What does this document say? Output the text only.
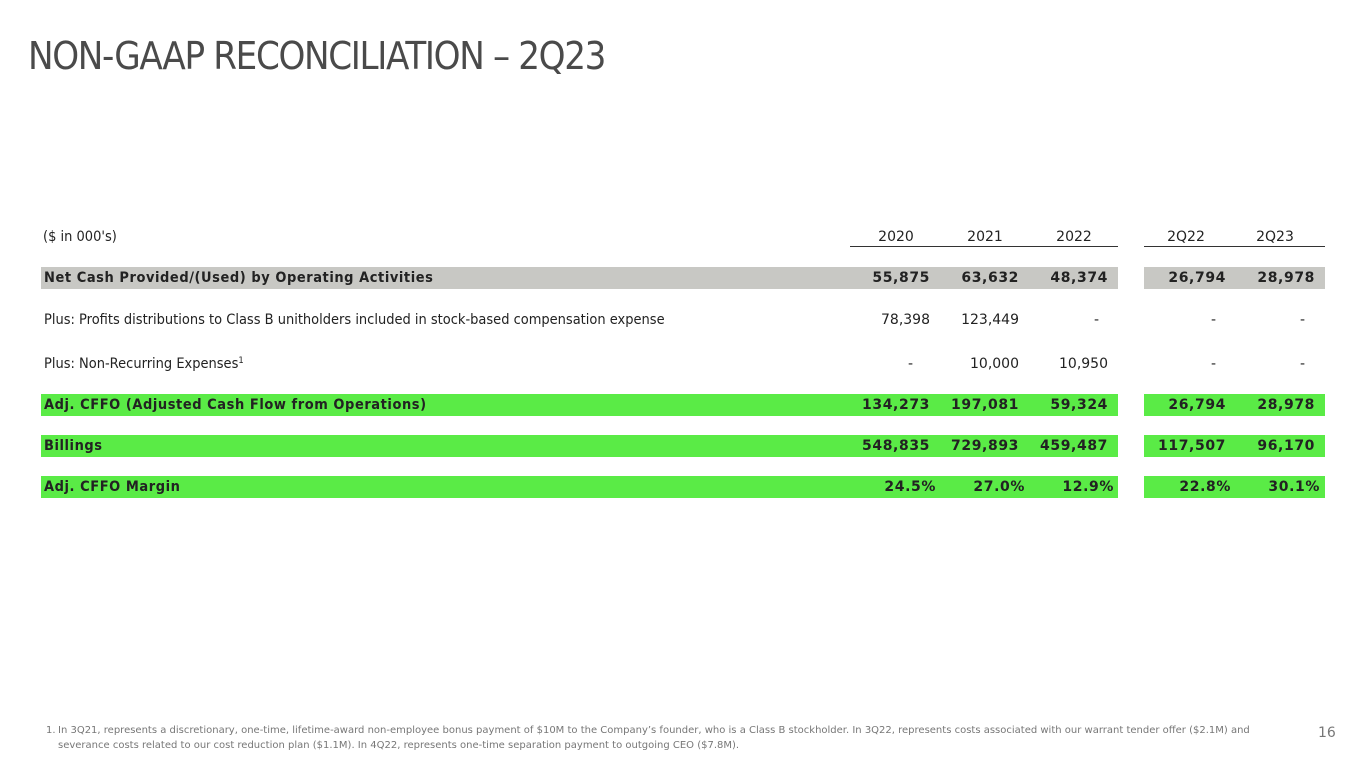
NON-GAAP RECONCILIATION – 2Q23
($ in 000's)	2020	2021	2022	2Q22	2Q23
Net Cash Provided/(Used) by Operating Activities	55,875	63,632	48,374	26,794	28,978
Plus: Profits distributions to Class B unitholders included in stock-based compensation expense	78,398	123,449	-	-	-
Plus: Non-Recurring Expenses$^1$	-	10,000	10,950	-	-
Adj. CFFO (Adjusted Cash Flow from Operations)	134,273	197,081	59,324	26,794	28,978
Billings	548,835	729,893	459,487	117,507	96,170
Adj. CFFO Margin	24.5%	27.0%	12.9%	22.8%	30.1%
1. In 3Q21, represents a discretionary, one-time, lifetime-award non-employee bonus payment of $10M to the Company’s founder, who is a Class B stockholder. In 3Q22, represents costs associated with our warrant tender offer ($2.1M) and severance costs related to our cost reduction plan ($1.1M). In 4Q22, represents one-time separation payment to outgoing CEO ($7.8M).
16
